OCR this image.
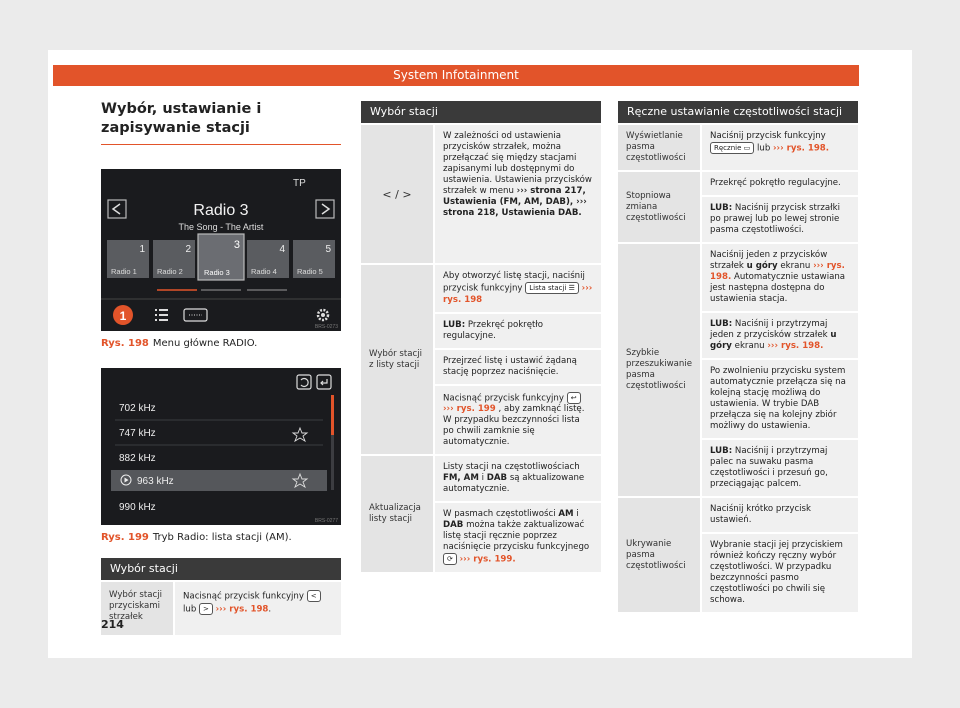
System Infotainment
Wybór, ustawianie i zapisywanie stacji
TP
Radio 3
The Song - The Artist
1
Radio 1
2
Radio 2
3
Radio 3
4
Radio 4
5
Radio 5
1
BRS-0273
Rys. 198 Menu główne RADIO.
702 kHz
747 kHz
882 kHz
963 kHz
990 kHz
BRS-0277
Rys. 199 Tryb Radio: lista stacji (AM).
Wybór stacji
Wybór stacji przyciskami strzałek	Nacisnąć przycisk funkcyjny < lub > ››› rys. 198.
Wybór stacji
< / >	W zależności od ustawienia przycisków strzałek, można przełączać się między stacjami zapisanymi lub dostępnymi do ustawienia. Ustawienia przycisków strzałek w menu ››› strona 217, Ustawienia (FM, AM, DAB), ››› strona 218, Ustawienia DAB.
Wybór stacji z listy stacji	Aby otworzyć listę stacji, naciśnij przycisk funkcyjny Lista stacji ☰ ››› rys. 198
LUB: Przekręć pokrętło regulacyjne.
Przejrzeć listę i ustawić żądaną stację poprzez naciśnięcie.
Nacisnąć przycisk funkcyjny ↩ ››› rys. 199 , aby zamknąć listę. W przypadku bezczynności lista po chwili zamknie się automatycznie.

Aktualizacja listy stacji	Listy stacji na częstotliwościach FM, AM i DAB są aktualizowane automatycznie.
W pasmach częstotliwości AM i DAB można także zaktualizować listę stacji ręcznie poprzez naciśnięcie przycisku funkcyjnego ⟳ ››› rys. 199.
Ręczne ustawianie częstotliwości stacji
Wyświetlanie pasma częstotliwości	Naciśnij przycisk funkcyjny Ręcznie ▭ lub ››› rys. 198.
Stopniowa zmiana częstotliwości	Przekręć pokrętło regulacyjne.
LUB: Naciśnij przycisk strzałki po prawej lub po lewej stronie pasma częstotliwości.

Szybkie przeszukiwanie pasma częstotliwości	Naciśnij jeden z przycisków strzałek u góry ekranu ››› rys. 198. Automatycznie ustawiana jest następna dostępna do ustawienia stacja.
LUB: Naciśnij i przytrzymaj jeden z przycisków strzałek u góry ekranu ››› rys. 198.
Po zwolnieniu przycisku system automatycznie przełącza się na kolejną stację możliwą do ustawienia. W trybie DAB przełącza się na kolejny zbiór możliwy do ustawienia.
LUB: Naciśnij i przytrzymaj palec na suwaku pasma częstotliwości i przesuń go, przeciągając palcem.

Ukrywanie pasma częstotliwości	Naciśnij krótko przycisk ustawień.
Wybranie stacji jej przyciskiem również kończy ręczny wybór częstotliwości. W przypadku bezczynności pasmo częstotliwości po chwili się schowa.
214
